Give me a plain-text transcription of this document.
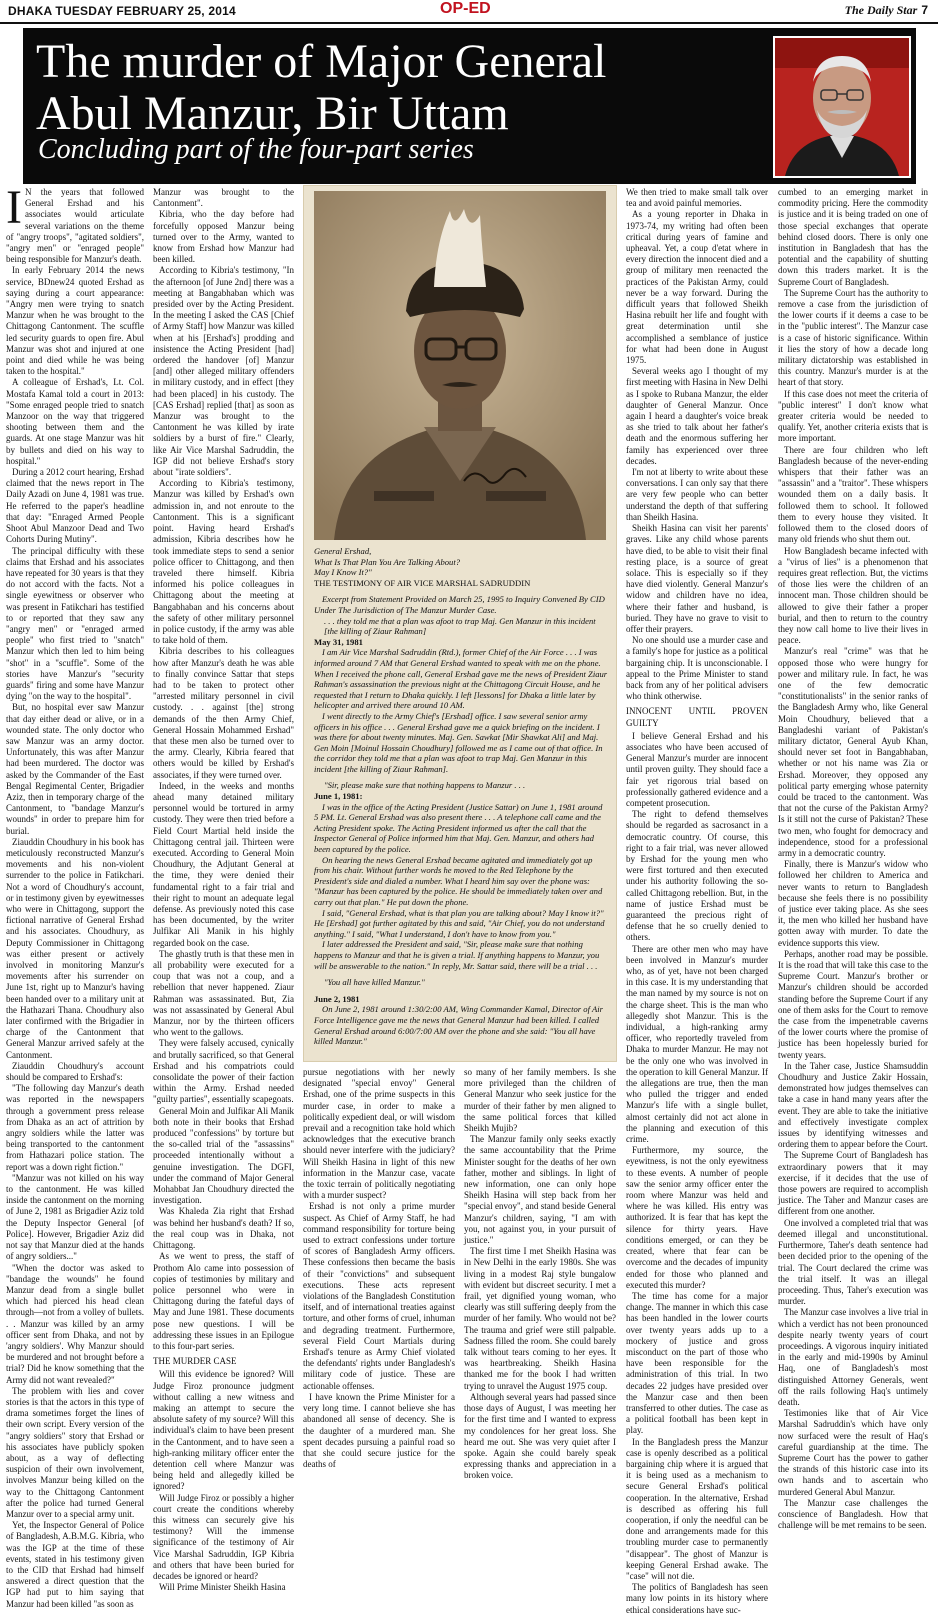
DHAKA TUESDAY FEBRUARY 25, 2014	OP-ED	The Daily Star 7
The murder of Major General
Abul Manzur, Bir Uttam
Concluding part of the four-part series

I N the years that followed General Ershad and his associates would articulate several variations on the theme of "angry troops", "agitated soldiers", "angry men" or "enraged people" being responsible for Manzur's death.

In early February 2014 the news service, BDnew24 quoted Ershad as saying during a court appearance: "Angry men were trying to snatch Manzur when he was brought to the Chittagong Cantonment. The scuffle led security guards to open fire. Abul Manzur was shot and injured at one point and died while he was being taken to the hospital."

A colleague of Ershad's, Lt. Col. Mostafa Kamal told a court in 2013: "Some enraged people tried to snatch Manzoor on the way that triggered shooting between them and the guards. At one stage Manzur was hit by bullets and died on his way to hospital."

During a 2012 court hearing, Ershad claimed that the news report in The Daily Azadi on June 4, 1981 was true. He referred to the paper's headline that day: "Enraged Armed People Shoot Abul Manzoor Dead and Two Cohorts During Mutiny".

The principal difficulty with these claims that Ershad and his associates have repeated for 30 years is that they do not accord with the facts. Not a single eyewitness or observer who was present in Fatikchari has testified to or reported that they saw any "angry men" or "enraged armed people" who first tried to "snatch" Manzur which then led to him being "shot" in a "scuffle". Some of the stories have Manzur's "security guards" firing and some have Manzur dying "on the way to the hospital".

But, no hospital ever saw Manzur that day either dead or alive, or in a wounded state. The only doctor who saw Manzur was an army doctor. Unfortunately, this was after Manzur had been murdered. The doctor was asked by the Commander of the East Bengal Regimental Center, Brigadier Aziz, then in temporary charge of the Cantonment, to "bandage Manzur's wounds" in order to prepare him for burial.

Ziauddin Choudhury in his book has meticulously reconstructed Manzur's movements and his non-violent surrender to the police in Fatikchari. Not a word of Choudhury's account, or in testimony given by eyewitnesses who were in Chittagong, support the fictional narrative of General Ershad and his associates. Choudhury, as Deputy Commissioner in Chittagong was either present or actively involved in monitoring Manzur's movements after his surrender on June 1st, right up to Manzur's having been handed over to a military unit at the Hathazari Thana. Choudhury also later confirmed with the Brigadier in charge of the Cantonment that General Manzur arrived safely at the Cantonment.

Ziauddin Choudhury's account should be compared to Ershad's:

"The following day Manzur's death was reported in the newspapers through a government press release from Dhaka as an act of attrition by angry soldiers while the latter was being transported to the cantonment from Hathazari police station. The report was a down right fiction."

"Manzur was not killed on his way to the cantonment. He was killed inside the cantonment on the morning of June 2, 1981 as Brigadier Aziz told the Deputy Inspector General [of Police]. However, Brigadier Aziz did not say that Manzur died at the hands of angry soldiers..."

"When the doctor was asked to "bandage the wounds" he found Manzur dead from a single bullet which had pierced his head clean through—not from a volley of bullets. . . Manzur was killed by an army officer sent from Dhaka, and not by 'angry soldiers'. Why Manzur should be murdered and not brought before a trial? Did he know something that the Army did not want revealed?"

The problem with lies and cover stories is that the actors in this type of drama sometimes forget the lines of their own script. Every version of the "angry soldiers" story that Ershad or his associates have publicly spoken about, as a way of deflecting suspicion of their own involvement, involves Manzur being killed on the way to the Chittagong Cantonment after the police had turned General Manzur over to a special army unit.

Yet, the Inspector General of Police of Bangladesh, A.B.M.G. Kibria, who was the IGP at the time of these events, stated in his testimony given to the CID that Ershad had himself answered a direct question that the IGP had put to him saying that Manzur had been killed "as soon as

Manzur was brought to the Cantonment".

Kibria, who the day before had forcefully opposed Manzur being turned over to the Army, wanted to know from Ershad how Manzur had been killed.

According to Kibria's testimony, "In the afternoon [of June 2nd] there was a meeting at Bangabhaban which was presided over by the Acting President. In the meeting I asked the CAS [Chief of Army Staff] how Manzur was killed when at his [Ershad's] prodding and insistence the Acting President [had] ordered the handover [of] Manzur [and] other alleged military offenders in military custody, and in effect [they had been placed] in his custody. The [CAS Ershad] replied [that] as soon as Manzur was brought to the Cantonment he was killed by irate soldiers by a burst of fire." Clearly, like Air Vice Marshal Sadruddin, the IGP did not believe Ershad's story about "irate soldiers".

According to Kibria's testimony, Manzur was killed by Ershad's own admission in, and not enroute to the Cantonment. This is a significant point. Having heard Ershad's admission, Kibria describes how he took immediate steps to send a senior police officer to Chittagong, and then traveled there himself. Kibria informed his police colleagues in Chittagong about the meeting at Bangabhaban and his concerns about the safety of other military personnel in police custody, if the army was able to take hold of them.

Kibria describes to his colleagues how after Manzur's death he was able to finally convince Sattar that steps had to be taken to protect other "arrested military personnel in civil custody. . . against [the] strong demands of the then Army Chief, General Hossain Mohammed Ershad" that these men also be turned over to the army. Clearly, Kibria feared that others would be killed by Ershad's associates, if they were turned over.

Indeed, in the weeks and months ahead many detained military personnel would be tortured in army custody. They were then tried before a Field Court Martial held inside the Chittagong central jail. Thirteen were executed. According to General Moin Choudhury, the Adjutant General at the time, they were denied their fundamental right to a fair trial and their right to mount an adequate legal defense. As previously noted this case has been documented, by the writer Julfikar Ali Manik in his highly regarded book on the case.

The ghastly truth is that these men in all probability were executed for a coup that was not a coup, and a rebellion that never happened. Ziaur Rahman was assassinated. But, Zia was not assassinated by General Abul Manzur, nor by the thirteen officers who went to the gallows.

They were falsely accused, cynically and brutally sacrificed, so that General Ershad and his compatriots could consolidate the power of their faction within the Army. Ershad needed "guilty parties", essentially scapegoats.

General Moin and Julfikar Ali Manik both note in their books that Ershad produced "confessions" by torture but the so-called trial of the "assassins" proceeded intentionally without a genuine investigation. The DGFI, under the command of Major General Mohabbat Jan Choudhury directed the investigation.

Was Khaleda Zia right that Ershad was behind her husband's death? If so, the real coup was in Dhaka, not Chittagong.

As we went to press, the staff of Prothom Alo came into possession of copies of testimonies by military and police personnel who were in Chittagong during the fateful days of May and June 1981. These documents pose new questions. I will be addressing these issues in an Epilogue to this four-part series.

THE MURDER CASE

Will this evidence be ignored? Will Judge Firoz pronounce judgment without calling a new witness and making an attempt to secure the absolute safety of my source? Will this individual's claim to have been present in the Cantonment, and to have seen a high-ranking military officer enter the detention cell where Manzur was being held and allegedly killed be ignored?

Will Judge Firoz or possibly a higher court create the conditions whereby this witness can securely give his testimony? Will the immense significance of the testimony of Air Vice Marshal Sadruddin, IGP Kibria and others that have been buried for decades be ignored or heard?

Will Prime Minister Sheikh Hasina

General Ershad,

What Is That Plan You Are Talking About?

May I Know It?"

THE TESTIMONY OF AIR VICE MARSHAL SADRUDDIN

Excerpt from Statement Provided on March 25, 1995 to Inquiry Convened By CID Under The Jurisdiction of The Manzur Murder Case.

. . . they told me that a plan was afoot to trap Maj. Gen Manzur in this incident [the killing of Ziaur Rahman]

May 31, 1981

I am Air Vice Marshal Sadruddin (Rtd.), former Chief of the Air Force . . . I was informed around 7 AM that General Ershad wanted to speak with me on the phone. When I received the phone call, General Ershad gave me the news of President Ziaur Rahman's assassination the previous night at the Chittagong Circuit House, and he requested that I return to Dhaka quickly. I left [lessons] for Dhaka a little later by helicopter and arrived there around 10 AM.

I went directly to the Army Chief's [Ershad] office. I saw several senior army officers in his office . . . General Ershad gave me a quick briefing on the incident. I was there for about twenty minutes. Maj. Gen. Sawkat [Mir Shawkat Ali] and Maj. Gen Moin [Moinul Hossain Choudhury] followed me as I came out of that office. In the corridor they told me that a plan was afoot to trap Maj. Gen Manzur in this incident [the killing of Ziaur Rahman].

"Sir, please make sure that nothing happens to Manzur . . .

June 1, 1981:

I was in the office of the Acting President (Justice Sattar) on June 1, 1981 around 5 PM. Lt. General Ershad was also present there . . . A telephone call came and the Acting President spoke. The Acting President informed us after the call that the Inspector General of Police informed him that Maj. Gen. Manzur, and others had been captured by the police.

On hearing the news General Ershad became agitated and immediately got up from his chair. Without further words he moved to the Red Telephone by the President's side and dialed a number. What I heard him say over the phone was: "Manzur has been captured by the police. He should be immediately taken over and carry out that plan." He put down the phone.

I said, "General Ershad, what is that plan you are talking about? May I know it?" He [Ershad] got further agitated by this and said, "Air Chief, you do not understand anything." I said, "What I understand, I don't have to know from you."

I later addressed the President and said, "Sir, please make sure that nothing happens to Manzur and that he is given a trial. If anything happens to Manzur, you will be answerable to the nation." In reply, Mr. Sattar said, there will be a trial . . .

"You all have killed Manzur."

June 2, 1981

On June 2, 1981 around 1:30/2:00 AM, Wing Commander Kamal, Director of Air Force Intelligence gave me the news that General Manzur had been killed. I called General Ershad around 6:00/7:00 AM over the phone and she said: "You all have killed Manzur."

pursue negotiations with her newly designated "special envoy" General Ershad, one of the prime suspects in this murder case, in order to make a politically expedient deal, or will wisdom prevail and a recognition take hold which acknowledges that the executive branch should never interfere with the judiciary? Will Sheikh Hasina in light of this new information in the Manzur case, vacate the toxic terrain of politically negotiating with a murder suspect?

Ershad is not only a prime murder suspect. As Chief of Army Staff, he had command responsibility for torture being used to extract confessions under torture of scores of Bangladesh Army officers. These confessions then became the basis of their "convictions" and subsequent executions. These acts represent violations of the Bangladesh Constitution itself, and of international treaties against torture, and other forms of cruel, inhuman and degrading treatment. Furthermore, several Field Court Martials during Ershad's tenure as Army Chief violated the defendants' rights under Bangladesh's military code of justice. These are actionable offenses.

I have known the Prime Minister for a very long time. I cannot believe she has abandoned all sense of decency. She is the daughter of a murdered man. She spent decades pursuing a painful road so that she could secure justice for the deaths of

so many of her family members. Is she more privileged than the children of General Manzur who seek justice for the murder of their father by men aligned to the same political forces that killed Sheikh Mujib?

The Manzur family only seeks exactly the same accountability that the Prime Minister sought for the deaths of her own father, mother and siblings. In light of new information, one can only hope Sheikh Hasina will step back from her "special envoy", and stand beside General Manzur's children, saying, "I am with you, not against you, in your pursuit of justice."

The first time I met Sheikh Hasina was in New Delhi in the early 1980s. She was living in a modest Raj style bungalow with evident but discreet security. I met a frail, yet dignified young woman, who clearly was still suffering deeply from the murder of her family. Who would not be? The trauma and grief were still palpable. Sadness filled the room. She could barely talk without tears coming to her eyes. It was heartbreaking. Sheikh Hasina thanked me for the book I had written trying to unravel the August 1975 coup.

Although several years had passed since those days of August, I was meeting her for the first time and I wanted to express my condolences for her great loss. She heard me out. She was very quiet after I spoke. Again she could barely speak expressing thanks and appreciation in a broken voice.

We then tried to make small talk over tea and avoid painful memories.

As a young reporter in Dhaka in 1973-74, my writing had often been critical during years of famine and upheaval. Yet, a coup d'etat where in every direction the innocent died and a group of military men reenacted the practices of the Pakistan Army, could never be a way forward. During the difficult years that followed Sheikh Hasina rebuilt her life and fought with great determination until she accomplished a semblance of justice for what had been done in August 1975.

Several weeks ago I thought of my first meeting with Hasina in New Delhi as I spoke to Rubana Manzur, the elder daughter of General Manzur. Once again I heard a daughter's voice break as she tried to talk about her father's death and the enormous suffering her family has experienced over three decades.

I'm not at liberty to write about these conversations. I can only say that there are very few people who can better understand the depth of that suffering than Sheikh Hasina.

Sheikh Hasina can visit her parents' graves. Like any child whose parents have died, to be able to visit their final resting place, is a source of great solace. This is especially so if they have died violently. General Manzur's widow and children have no idea, where their father and husband, is buried. They have no grave to visit to offer their prayers.

No one should use a murder case and a family's hope for justice as a political bargaining chip. It is unconscionable. I appeal to the Prime Minister to stand back from any of her political advisers who think otherwise.

INNOCENT UNTIL PROVEN GUILTY

I believe General Ershad and his associates who have been accused of General Manzur's murder are innocent until proven guilty. They should face a fair yet rigorous trial based on professionally gathered evidence and a competent prosecution.

The right to defend themselves should be regarded as sacrosanct in a democratic country. Of course, this right to a fair trial, was never allowed by Ershad for the young men who were first tortured and then executed under his authority following the so-called Chittagong rebellion. But, in the name of justice Ershad must be guaranteed the precious right of defense that he so cruelly denied to others.

There are other men who may have been involved in Manzur's murder who, as of yet, have not been charged in this case. It is my understanding that the man named by my source is not on the charge sheet. This is the man who allegedly shot Manzur. This is the individual, a high-ranking army officer, who reportedly traveled from Dhaka to murder Manzur. He may not be the only one who was involved in the operation to kill General Manzur. If the allegations are true, then the man who pulled the trigger and ended Manzur's life with a single bullet, almost certainly did not act alone in the planning and execution of this crime.

Furthermore, my source, the eyewitness, is not the only eyewitness to these events. A number of people saw the senior army officer enter the room where Manzur was held and where he was killed. His entry was authorized. It is fear that has kept the silence for thirty years. Have conditions emerged, or can they be created, where that fear can be overcome and the decades of impunity ended for those who planned and executed this murder?

The time has come for a major change. The manner in which this case has been handled in the lower courts over twenty years adds up to a mockery of justice and gross misconduct on the part of those who have been responsible for the administration of this trial. In two decades 22 judges have presided over the Manzur case and then been transferred to other duties. The case as a political football has been kept in play.

In the Bangladesh press the Manzur case is openly described as a political bargaining chip where it is argued that it is being used as a mechanism to secure General Ershad's political cooperation. In the alternative, Ershad is described as offering his full cooperation, if only the needful can be done and arrangements made for this troubling murder case to permanently "disappear". The ghost of Manzur is keeping General Ershad awake. The "case" will not die.

The politics of Bangladesh has seen many low points in its history where ethical considerations have suc-

cumbed to an emerging market in commodity pricing. Here the commodity is justice and it is being traded on one of those special exchanges that operate behind closed doors. There is only one institution in Bangladesh that has the potential and the capability of shutting down this traders market. It is the Supreme Court of Bangladesh.

The Supreme Court has the authority to remove a case from the jurisdiction of the lower courts if it deems a case to be in the "public interest". The Manzur case is a case of historic significance. Within it lies the story of how a decade long military dictatorship was established in this country. Manzur's murder is at the heart of that story.

If this case does not meet the criteria of "public interest" I don't know what greater criteria would be needed to qualify. Yet, another criteria exists that is more important.

There are four children who left Bangladesh because of the never-ending whispers that their father was an "assassin" and a "traitor". These whispers wounded them on a daily basis. It followed them to school. It followed them to every house they visited. It followed them to the closed doors of many old friends who shut them out.

How Bangladesh became infected with a "virus of lies" is a phenomenon that requires great reflection. But, the victims of those lies were the children of an innocent man. Those children should be allowed to give their father a proper burial, and then to return to the country they now call home to live their lives in peace.

Manzur's real "crime" was that he opposed those who were hungry for power and military rule. In fact, he was one of the few democratic "constitutionalists" in the senior ranks of the Bangladesh Army who, like General Moin Choudhury, believed that a Bangladeshi variant of Pakistan's military dictator, General Ayub Khan, should never set foot in Bangabhaban, whether or not his name was Zia or Ershad. Moreover, they opposed any political party emerging whose paternity could be traced to the cantonment. Was that not the curse of the Pakistan Army? Is it still not the curse of Pakistan? These two men, who fought for democracy and independence, stood for a professional army in a democratic country.

Finally, there is Manzur's widow who followed her children to America and never wants to return to Bangladesh because she feels there is no possibility of justice ever taking place. As she sees it, the men who killed her husband have gotten away with murder. To date the evidence supports this view.

Perhaps, another road may be possible. It is the road that will take this case to the Supreme Court. Manzur's brother or Manzur's children should be accorded standing before the Supreme Court if any one of them asks for the Court to remove the case from the impenetrable caverns of the lower courts where the promise of justice has been hopelessly buried for twenty years.

In the Taher case, Justice Shamsuddin Choudhury and Justice Zakir Hossain, demonstrated how judges themselves can take a case in hand many years after the event. They are able to take the initiative and effectively investigate complex issues by identifying witnesses and ordering them to appear before the Court.

The Supreme Court of Bangladesh has extraordinary powers that it may exercise, if it decides that the use of those powers are required to accomplish justice. The Taher and Manzur cases are different from one another.

One involved a completed trial that was deemed illegal and unconstitutional. Furthermore, Taher's death sentence had been decided prior to the opening of the trial. The Court declared the crime was the trial itself. It was an illegal proceeding. Thus, Taher's execution was murder.

The Manzur case involves a live trial in which a verdict has not been pronounced despite nearly twenty years of court proceedings. A vigorous inquiry initiated in the early and mid-1990s by Aminul Haq, one of Bangladesh's most distinguished Attorney Generals, went off the rails following Haq's untimely death.

Testimonies like that of Air Vice Marshal Sadruddin's which have only now surfaced were the result of Haq's careful guardianship at the time. The Supreme Court has the power to gather the strands of this historic case into its own hands and to ascertain who murdered General Abul Manzur.

The Manzur case challenges the conscience of Bangladesh. How that challenge will be met remains to be seen.
